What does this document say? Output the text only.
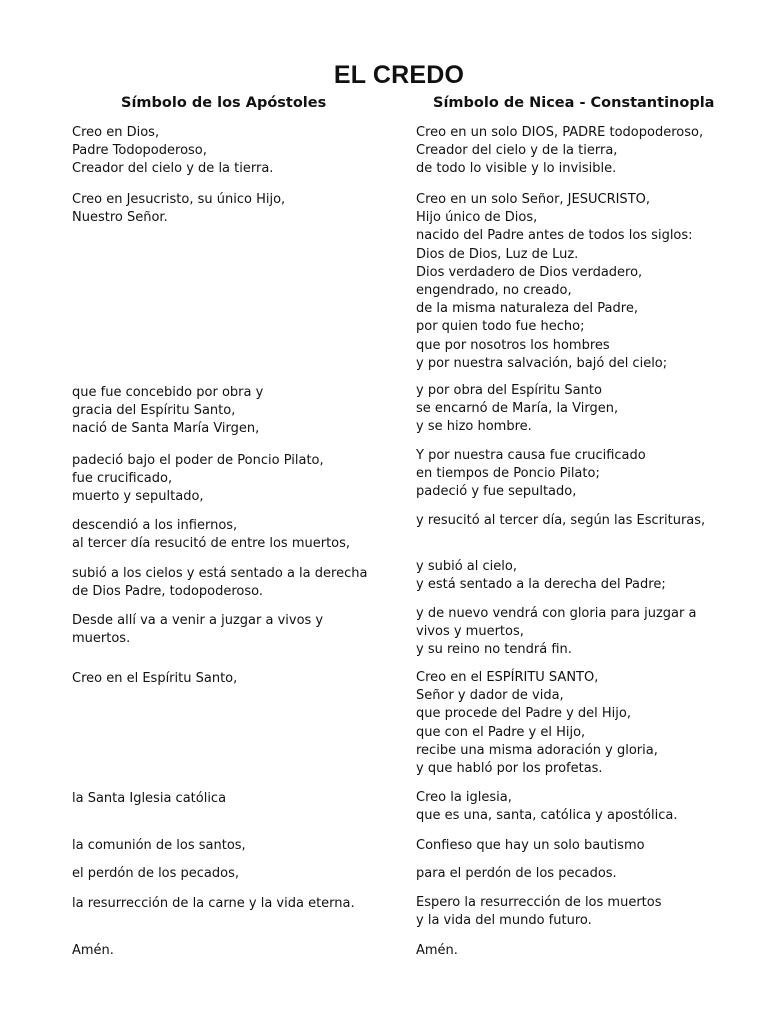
EL CREDO
Símbolo de los Apóstoles	Símbolo de Nicea - Constantinopla
Creo en Dios,
Padre Todopoderoso,
Creador del cielo y de la tierra.
Creo en Jesucristo, su único Hijo,
Nuestro Señor.
que fue concebido por obra y
gracia del Espíritu Santo,
nació de Santa María Virgen,
padeció bajo el poder de Poncio Pilato,
fue crucificado,
muerto y sepultado,
descendió a los infiernos,
al tercer día resucitó de entre los muertos,
subió a los cielos y está sentado a la derecha
de Dios Padre, todopoderoso.
Desde allí va a venir a juzgar a vivos y
muertos.
Creo en el Espíritu Santo,
la Santa Iglesia católica
la comunión de los santos,
el perdón de los pecados,
la resurrección de la carne y la vida eterna.
Amén.
Creo en un solo DIOS, PADRE todopoderoso,
Creador del cielo y de la tierra,
de todo lo visible y lo invisible.
Creo en un solo Señor, JESUCRISTO,
Hijo único de Dios,
nacido del Padre antes de todos los siglos:
Dios de Dios, Luz de Luz.
Dios verdadero de Dios verdadero,
engendrado, no creado,
de la misma naturaleza del Padre,
por quien todo fue hecho;
que por nosotros los hombres
y por nuestra salvación, bajó del cielo;
y por obra del Espíritu Santo
se encarnó de María, la Virgen,
y se hizo hombre.
Y por nuestra causa fue crucificado
en tiempos de Poncio Pilato;
padeció y fue sepultado,
y resucitó al tercer día, según las Escrituras,
y subió al cielo,
y está sentado a la derecha del Padre;
y de nuevo vendrá con gloria para juzgar a
vivos y muertos,
y su reino no tendrá fin.
Creo en el ESPÍRITU SANTO,
Señor y dador de vida,
que procede del Padre y del Hijo,
que con el Padre y el Hijo,
recibe una misma adoración y gloria,
y que habló por los profetas.
Creo la iglesia,
que es una, santa, católica y apostólica.
Confieso que hay un solo bautismo
para el perdón de los pecados.
Espero la resurrección de los muertos
y la vida del mundo futuro.
Amén.
